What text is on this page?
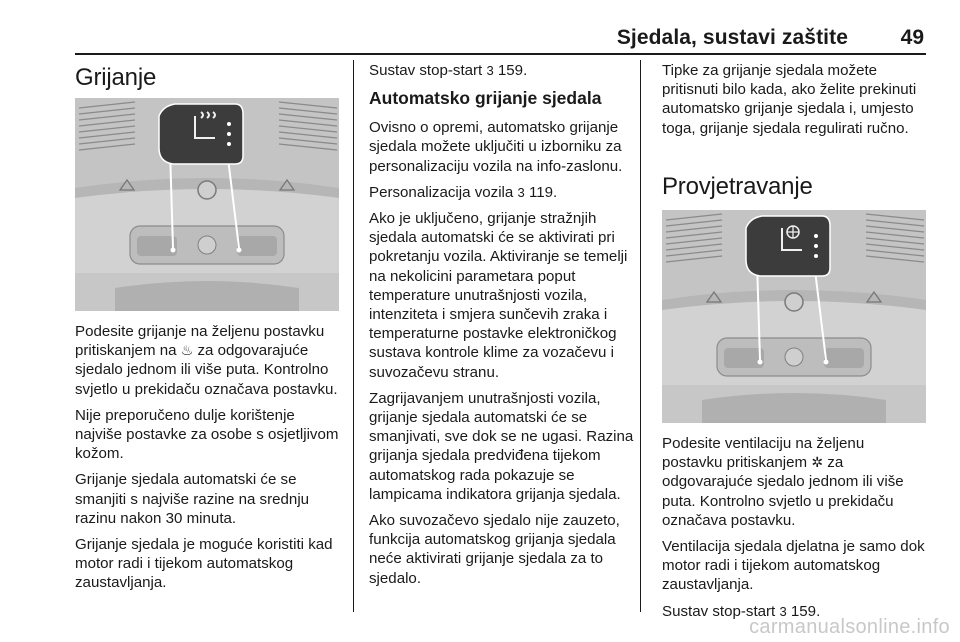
Sjedala, sustavi zaštite	49
Grijanje

Podesite grijanje na željenu postavku pritiskanjem na ♨ za odgovarajuće sjedalo jednom ili više puta. Kontrolno svjetlo u prekidaču označava postavku.

Nije preporučeno dulje korištenje najviše postavke za osobe s osjetljivom kožom.

Grijanje sjedala automatski će se smanjiti s najviše razine na srednju razinu nakon 30 minuta.

Grijanje sjedala je moguće koristiti kad motor radi i tijekom automatskog zaustavljanja.

Sustav stop-start 3 159.

Automatsko grijanje sjedala

Ovisno o opremi, automatsko grijanje sjedala možete uključiti u izborniku za personalizaciju vozila na info-zaslonu.

Personalizacija vozila 3 119.

Ako je uključeno, grijanje stražnjih sjedala automatski će se aktivirati pri pokretanju vozila. Aktiviranje se temelji na nekolicini parametara poput temperature unutrašnjosti vozila, intenziteta i smjera sunčevih zraka i temperaturne postavke elektroničkog sustava kontrole klime za vozačevu i suvozačevu stranu.

Zagrijavanjem unutrašnjosti vozila, grijanje sjedala automatski će se smanjivati, sve dok se ne ugasi. Razina grijanja sjedala predviđena tijekom automatskog rada pokazuje se lampicama indikatora grijanja sjedala.

Ako suvozačevo sjedalo nije zauzeto, funkcija automatskog grijanja sjedala neće aktivirati grijanje sjedala za to sjedalo.

Tipke za grijanje sjedala možete pritisnuti bilo kada, ako želite prekinuti automatsko grijanje sjedala i, umjesto toga, grijanje sjedala regulirati ručno.

Provjetravanje

Podesite ventilaciju na željenu postavku pritiskanjem ✲ za odgovarajuće sjedalo jednom ili više puta. Kontrolno svjetlo u prekidaču označava postavku.

Ventilacija sjedala djelatna je samo dok motor radi i tijekom automatskog zaustavljanja.

Sustav stop-start 3 159.

carmanualsonline.info
